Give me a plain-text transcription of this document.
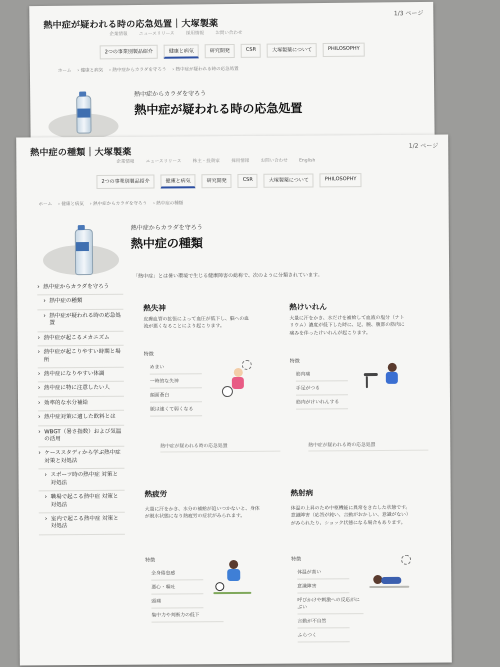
1/3 ページ
熱中症が疑われる時の応急処置｜大塚製薬
企業情報	ニュースリリース	採用情報	お問い合わせ
2つの事業別製品紹介	健康と病気	研究開発	CSR	大塚製薬について	PHILOSOPHY
ホーム › 健康と病気 › 熱中症からカラダを守ろう › 熱中症が疑われる時の応急処置
熱中症からカラダを守ろう
熱中症が疑われる時の応急処置
1/2 ページ
熱中症の種類｜大塚製薬
企業情報	ニュースリリース	株主・投資家	採用情報	お問い合わせ	English
2つの事業別製品紹介	健康と病気	研究開発	CSR	大塚製薬について	PHILOSOPHY
ホーム › 健康と病気 › 熱中症からカラダを守ろう › 熱中症の種類
熱中症からカラダを守ろう
熱中症の種類
› 熱中症からカラダを守ろう
› 熱中症の種類
› 熱中症が疑われる時の応急処置
› 熱中症が起こるメカニズム
› 熱中症が起こりやすい時期と場所
› 熱中症になりやすい体調
› 熱中症に特に注意したい人
› 効率的な水分補給
› 熱中症対策に適した飲料とは
› WBGT（暑さ指数）および気温の活用
› ケーススタディから学ぶ熱中症対策と対処法
› スポーツ時の熱中症 対策と対処法
› 職場で起こる熱中症 対策と対処法
› 室内で起こる熱中症 対策と対処法
「熱中症」とは暑い環境で生じる健康障害の総称で、次のように分類されています。
熱失神
皮膚血管の拡張によって血圧が低下し、脳への血流が悪くなることにより起こります。
特徴
めまい
一時的な失神
顔面蒼白
脈は速くて弱くなる
熱中症が疑われる時の応急処置
熱けいれん
大量に汗をかき、水だけを補給して血液の塩分（ナトリウム）濃度が低下した時に、足、腕、腹部の筋肉に痛みを伴ったけいれんが起こります。
特徴
筋肉痛
手足がつる
筋肉がけいれんする
熱中症が疑われる時の応急処置
熱疲労
大量に汗をかき、水分の補給が追いつかないと、身体が脱水状態になり熱疲労の症状がみられます。
特徴
全身倦怠感
悪心・嘔吐
頭痛
集中力や判断力の低下
熱射病
体温の上昇のため中枢機能に異常をきたした状態です。意識障害（応答が鈍い、言動がおかしい、意識がない）がみられたり、ショック状態になる場合もあります。
特徴
体温が高い
意識障害
呼びかけや刺激への反応がにぶい
言動が不自然
ふらつく
